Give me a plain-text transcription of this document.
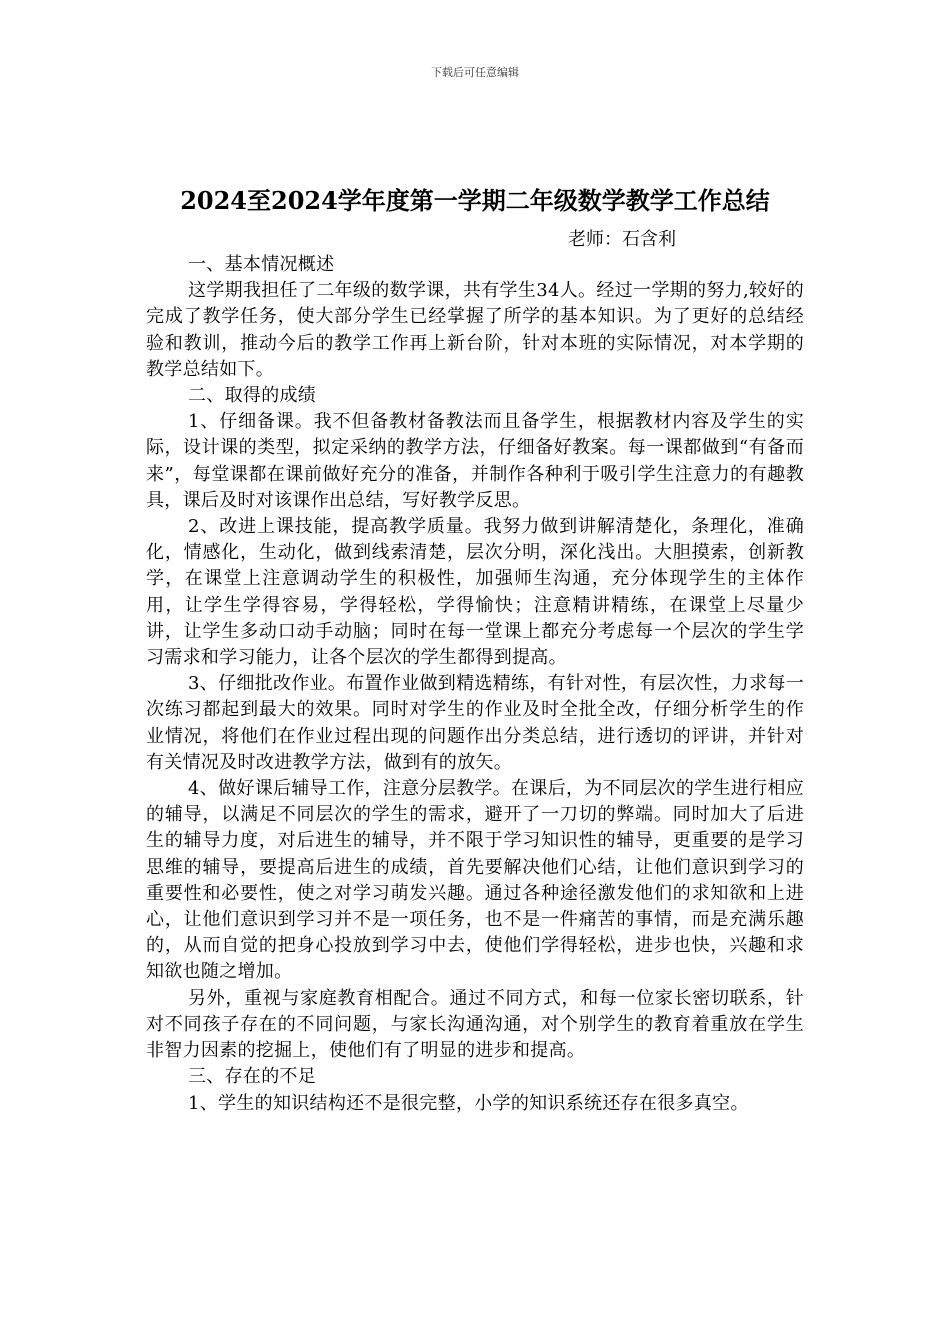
下载后可任意编辑
2024至2024学年度第一学期二年级数学教学工作总结
老师：石含利

一、基本情况概述

这学期我担任了二年级的数学课，共有学生34人。经过一学期的努力,较好的完成了教学任务，使大部分学生已经掌握了所学的基本知识。为了更好的总结经验和教训，推动今后的教学工作再上新台阶，针对本班的实际情况，对本学期的教学总结如下。

二、取得的成绩

1、仔细备课。我不但备教材备教法而且备学生，根据教材内容及学生的实际，设计课的类型，拟定采纳的教学方法，仔细备好教案。每一课都做到“有备而来”，每堂课都在课前做好充分的准备，并制作各种利于吸引学生注意力的有趣教具，课后及时对该课作出总结，写好教学反思。

2、改进上课技能，提高教学质量。我努力做到讲解清楚化，条理化，准确化，情感化，生动化，做到线索清楚，层次分明，深化浅出。大胆摸索，创新教学，在课堂上注意调动学生的积极性，加强师生沟通，充分体现学生的主体作用，让学生学得容易，学得轻松，学得愉快；注意精讲精练，在课堂上尽量少讲，让学生多动口动手动脑；同时在每一堂课上都充分考虑每一个层次的学生学习需求和学习能力，让各个层次的学生都得到提高。

3、仔细批改作业。布置作业做到精选精练，有针对性，有层次性，力求每一次练习都起到最大的效果。同时对学生的作业及时全批全改，仔细分析学生的作业情况，将他们在作业过程出现的问题作出分类总结，进行透切的评讲，并针对有关情况及时改进教学方法，做到有的放矢。

4、做好课后辅导工作，注意分层教学。在课后，为不同层次的学生进行相应的辅导，以满足不同层次的学生的需求，避开了一刀切的弊端。同时加大了后进生的辅导力度，对后进生的辅导，并不限于学习知识性的辅导，更重要的是学习思维的辅导，要提高后进生的成绩，首先要解决他们心结，让他们意识到学习的重要性和必要性，使之对学习萌发兴趣。通过各种途径激发他们的求知欲和上进心，让他们意识到学习并不是一项任务，也不是一件痛苦的事情，而是充满乐趣的，从而自觉的把身心投放到学习中去，使他们学得轻松，进步也快，兴趣和求知欲也随之增加。

另外，重视与家庭教育相配合。通过不同方式，和每一位家长密切联系，针对不同孩子存在的不同问题，与家长沟通沟通，对个别学生的教育着重放在学生非智力因素的挖掘上，使他们有了明显的进步和提高。

三、存在的不足

1、学生的知识结构还不是很完整，小学的知识系统还存在很多真空。
